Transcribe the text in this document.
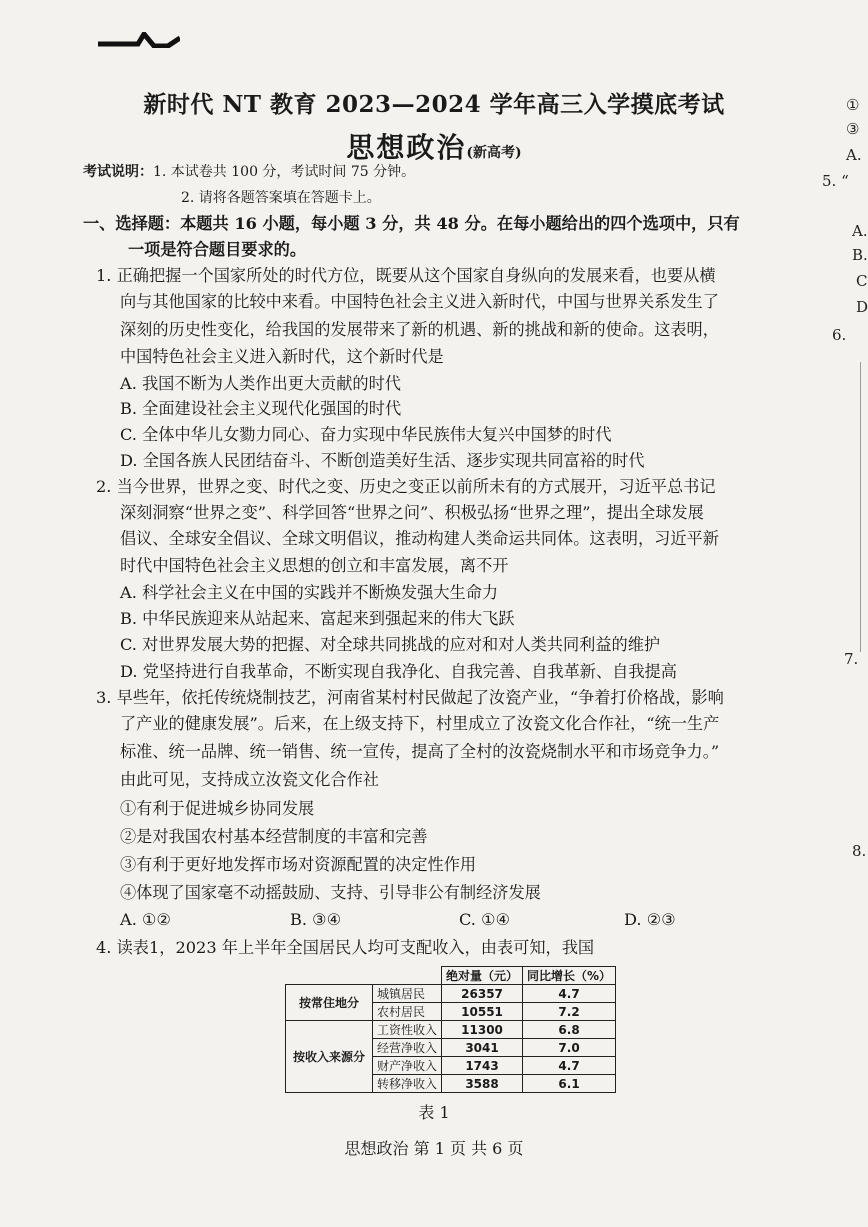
新时代 NT 教育 2023—2024 学年高三入学摸底考试
思想政治(新高考)
考试说明：1. 本试卷共 100 分，考试时间 75 分钟。
2. 请将各题答案填在答题卡上。
一、选择题：本题共 16 小题，每小题 3 分，共 48 分。在每小题给出的四个选项中，只有
一项是符合题目要求的。
1. 正确把握一个国家所处的时代方位，既要从这个国家自身纵向的发展来看，也要从横
向与其他国家的比较中来看。中国特色社会主义进入新时代，中国与世界关系发生了
深刻的历史性变化，给我国的发展带来了新的机遇、新的挑战和新的使命。这表明，
中国特色社会主义进入新时代，这个新时代是
A. 我国不断为人类作出更大贡献的时代
B. 全面建设社会主义现代化强国的时代
C. 全体中华儿女勠力同心、奋力实现中华民族伟大复兴中国梦的时代
D. 全国各族人民团结奋斗、不断创造美好生活、逐步实现共同富裕的时代
2. 当今世界，世界之变、时代之变、历史之变正以前所未有的方式展开，习近平总书记
深刻洞察“世界之变”、科学回答“世界之问”、积极弘扬“世界之理”，提出全球发展
倡议、全球安全倡议、全球文明倡议，推动构建人类命运共同体。这表明，习近平新
时代中国特色社会主义思想的创立和丰富发展，离不开
A. 科学社会主义在中国的实践并不断焕发强大生命力
B. 中华民族迎来从站起来、富起来到强起来的伟大飞跃
C. 对世界发展大势的把握、对全球共同挑战的应对和对人类共同利益的维护
D. 党坚持进行自我革命，不断实现自我净化、自我完善、自我革新、自我提高
3. 早些年，依托传统烧制技艺，河南省某村村民做起了汝瓷产业，“争着打价格战，影响
了产业的健康发展”。后来，在上级支持下，村里成立了汝瓷文化合作社，“统一生产
标准、统一品牌、统一销售、统一宣传，提高了全村的汝瓷烧制水平和市场竞争力。”
由此可见，支持成立汝瓷文化合作社
①有利于促进城乡协同发展
②是对我国农村基本经营制度的丰富和完善
③有利于更好地发挥市场对资源配置的决定性作用
④体现了国家毫不动摇鼓励、支持、引导非公有制经济发展
A. ①②	B. ③④	C. ①④	D. ②③
4. 读表1，2023 年上半年全国居民人均可支配收入，由表可知，我国
		绝对量（元）	同比增长（%）
按常住地分	城镇居民	26357	4.7
	农村居民	10551	7.2
按收入来源分	工资性收入	11300	6.8
	经营净收入	3041	7.0
	财产净收入	1743	4.7
	转移净收入	3588	6.1
表 1
思想政治 第 1 页 共 6 页
①
③
A.
5. “
A.
B.
C
D
6.
7.
8.
